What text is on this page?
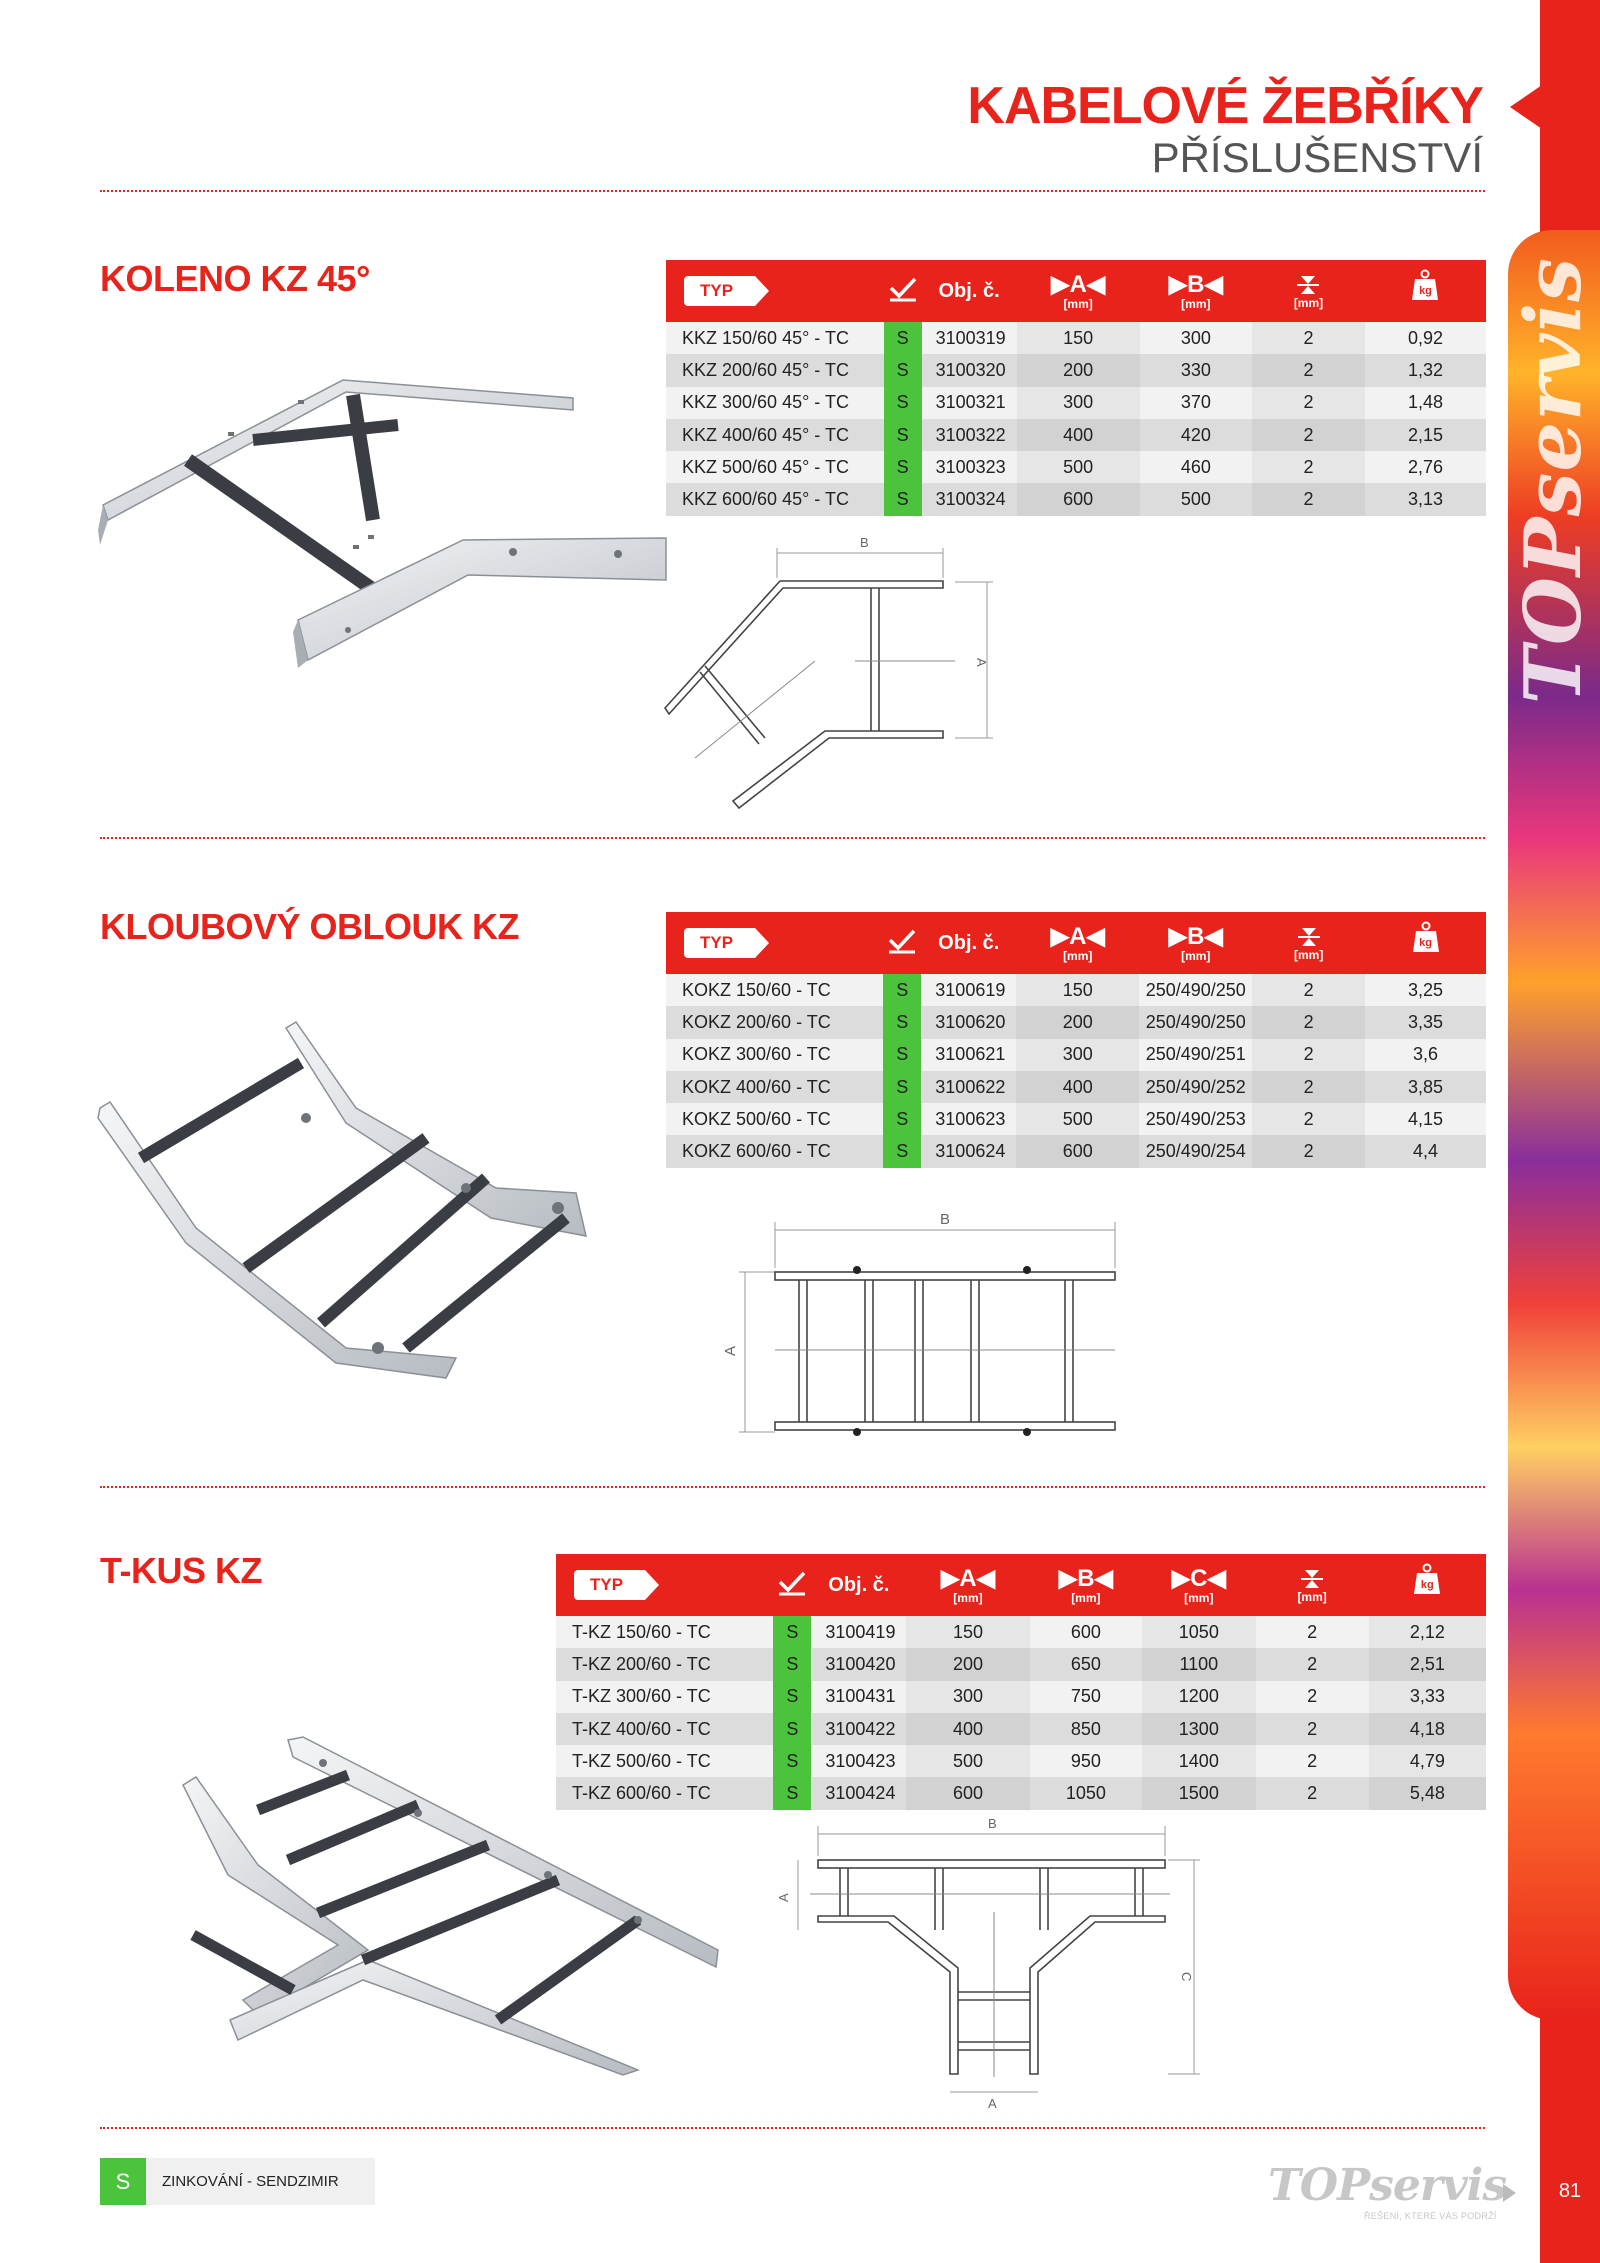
TOPservis
KABELOVÉ ŽEBŘÍKY
PŘÍSLUŠENSTVÍ
KOLENO KZ 45°	TYP		Obj. č.	▶A◀
[mm]	▶B◀
[mm]	[mm]	kg

KKZ 150/60 45° - TC	S	3100319	150	300	2	0,92
KKZ 200/60 45° - TC	S	3100320	200	330	2	1,32
KKZ 300/60 45° - TC	S	3100321	300	370	2	1,48
KKZ 400/60 45° - TC	S	3100322	400	420	2	2,15
KKZ 500/60 45° - TC	S	3100323	500	460	2	2,76
KKZ 600/60 45° - TC	S	3100324	600	500	2	3,13
B
A
KLOUBOVÝ OBLOUK KZ	TYP		Obj. č.	▶A◀
[mm]	▶B◀
[mm]	[mm]	kg

KOKZ 150/60 - TC	S	3100619	150	250/490/250	2	3,25
KOKZ 200/60 - TC	S	3100620	200	250/490/250	2	3,35
KOKZ 300/60 - TC	S	3100621	300	250/490/251	2	3,6
KOKZ 400/60 - TC	S	3100622	400	250/490/252	2	3,85
KOKZ 500/60 - TC	S	3100623	500	250/490/253	2	4,15
KOKZ 600/60 - TC	S	3100624	600	250/490/254	2	4,4
B
A
T-KUS KZ	TYP		Obj. č.	▶A◀
[mm]	▶B◀
[mm]	▶C◀
[mm]	[mm]	kg

T-KZ 150/60 - TC	S	3100419	150	600	1050	2	2,12
T-KZ 200/60 - TC	S	3100420	200	650	1100	2	2,51
T-KZ 300/60 - TC	S	3100431	300	750	1200	2	3,33
T-KZ 400/60 - TC	S	3100422	400	850	1300	2	4,18
T-KZ 500/60 - TC	S	3100423	500	950	1400	2	4,79
T-KZ 600/60 - TC	S	3100424	600	1050	1500	2	5,48
B
A
C
A
S	ZINKOVÁNÍ - SENDZIMIR	TOPservis
ŘEŠENÍ, KTERÉ VÁS PODRŽÍ
81
